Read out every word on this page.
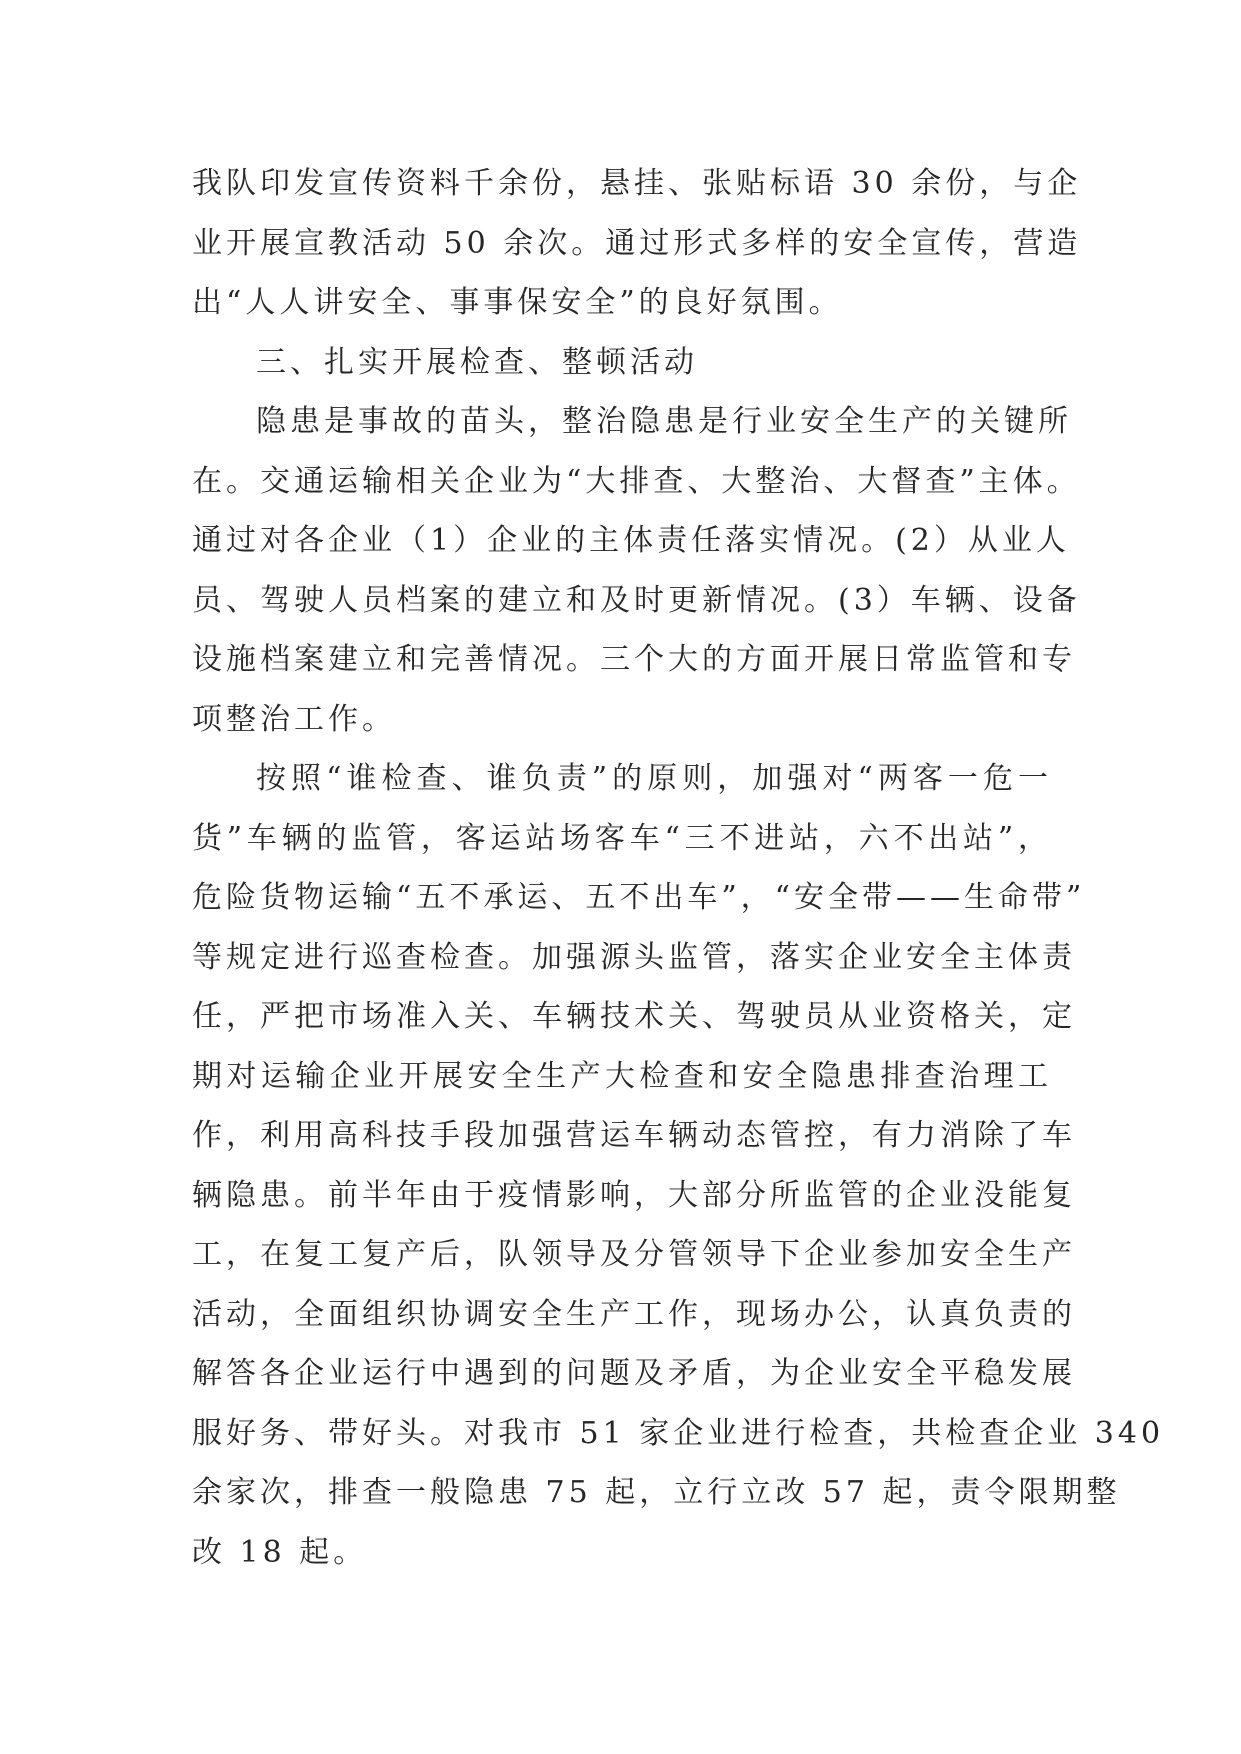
我队印发宣传资料千余份，悬挂、张贴标语 30 余份，与企
业开展宣教活动 50 余次。通过形式多样的安全宣传，营造
出“人人讲安全、事事保安全”的良好氛围。
三、扎实开展检查、整顿活动
隐患是事故的苗头，整治隐患是行业安全生产的关键所
在。交通运输相关企业为“大排查、大整治、大督查”主体。
通过对各企业（1）企业的主体责任落实情况。(2）从业人
员、驾驶人员档案的建立和及时更新情况。(3）车辆、设备
设施档案建立和完善情况。三个大的方面开展日常监管和专
项整治工作。
按照“谁检查、谁负责”的原则，加强对“两客一危一
货”车辆的监管，客运站场客车“三不进站，六不出站”，
危险货物运输“五不承运、五不出车”，“安全带——生命带”
等规定进行巡查检查。加强源头监管，落实企业安全主体责
任，严把市场准入关、车辆技术关、驾驶员从业资格关，定
期对运输企业开展安全生产大检查和安全隐患排查治理工
作，利用高科技手段加强营运车辆动态管控，有力消除了车
辆隐患。前半年由于疫情影响，大部分所监管的企业没能复
工，在复工复产后，队领导及分管领导下企业参加安全生产
活动，全面组织协调安全生产工作，现场办公，认真负责的
解答各企业运行中遇到的问题及矛盾，为企业安全平稳发展
服好务、带好头。对我市 51 家企业进行检查，共检查企业 340
余家次，排查一般隐患 75 起，立行立改 57 起，责令限期整
改 18 起。
